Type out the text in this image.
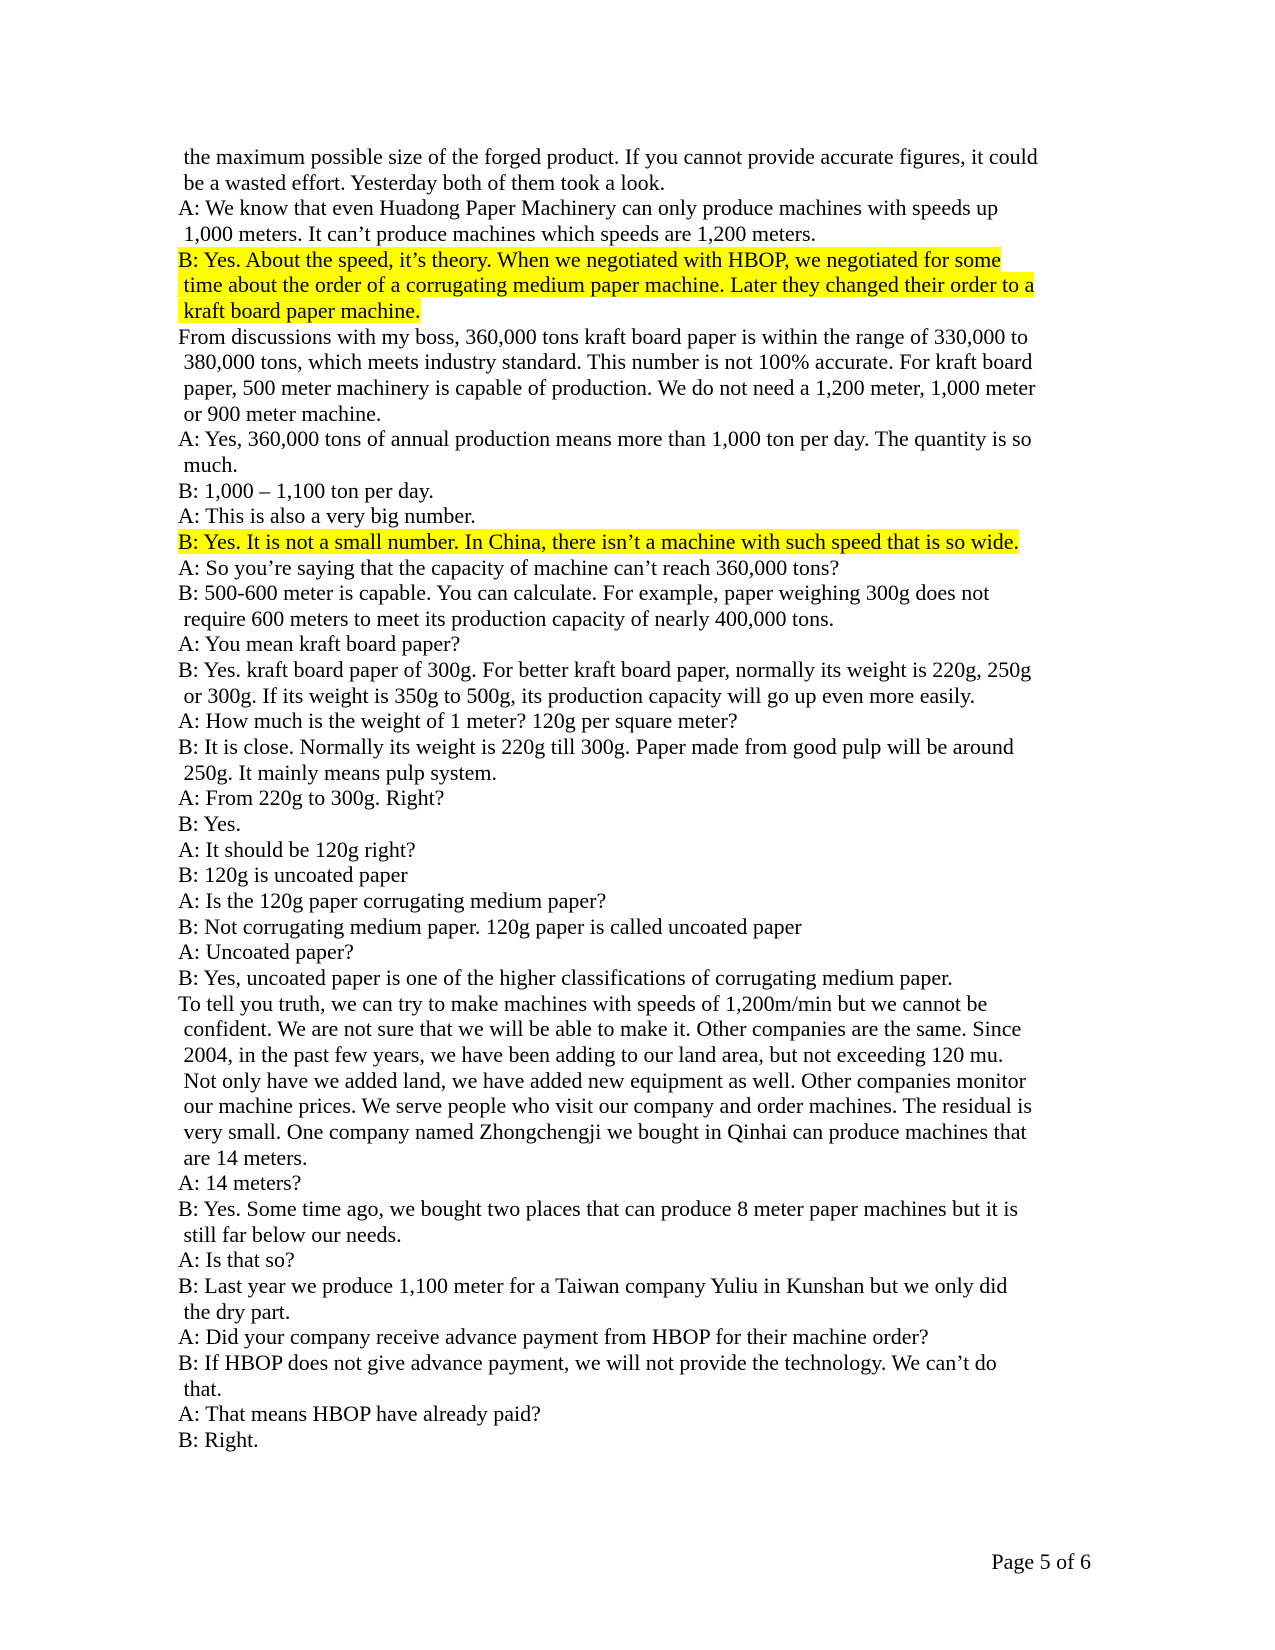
the maximum possible size of the forged product. If you cannot provide accurate figures, it could
be a wasted effort. Yesterday both of them took a look.
A: We know that even Huadong Paper Machinery can only produce machines with speeds up
1,000 meters. It can’t produce machines which speeds are 1,200 meters.
B: Yes. About the speed, it’s theory. When we negotiated with HBOP, we negotiated for some
time about the order of a corrugating medium paper machine. Later they changed their order to a
kraft board paper machine.
From discussions with my boss, 360,000 tons kraft board paper is within the range of 330,000 to
380,000 tons, which meets industry standard. This number is not 100% accurate. For kraft board
paper, 500 meter machinery is capable of production. We do not need a 1,200 meter, 1,000 meter
or 900 meter machine.
A: Yes, 360,000 tons of annual production means more than 1,000 ton per day. The quantity is so
much.
B: 1,000 – 1,100 ton per day.
A: This is also a very big number.
B: Yes. It is not a small number. In China, there isn’t a machine with such speed that is so wide.
A: So you’re saying that the capacity of machine can’t reach 360,000 tons?
B: 500-600 meter is capable. You can calculate. For example, paper weighing 300g does not
require 600 meters to meet its production capacity of nearly 400,000 tons.
A: You mean kraft board paper?
B: Yes. kraft board paper of 300g. For better kraft board paper, normally its weight is 220g, 250g
or 300g. If its weight is 350g to 500g, its production capacity will go up even more easily.
A: How much is the weight of 1 meter? 120g per square meter?
B: It is close. Normally its weight is 220g till 300g. Paper made from good pulp will be around
250g. It mainly means pulp system.
A: From 220g to 300g. Right?
B: Yes.
A: It should be 120g right?
B: 120g is uncoated paper
A: Is the 120g paper corrugating medium paper?
B: Not corrugating medium paper. 120g paper is called uncoated paper
A: Uncoated paper?
B: Yes, uncoated paper is one of the higher classifications of corrugating medium paper.
To tell you truth, we can try to make machines with speeds of 1,200m/min but we cannot be
confident. We are not sure that we will be able to make it. Other companies are the same. Since
2004, in the past few years, we have been adding to our land area, but not exceeding 120 mu.
Not only have we added land, we have added new equipment as well. Other companies monitor
our machine prices. We serve people who visit our company and order machines. The residual is
very small. One company named Zhongchengji we bought in Qinhai can produce machines that
are 14 meters.
A: 14 meters?
B: Yes. Some time ago, we bought two places that can produce 8 meter paper machines but it is
still far below our needs.
A: Is that so?
B: Last year we produce 1,100 meter for a Taiwan company Yuliu in Kunshan but we only did
the dry part.
A: Did your company receive advance payment from HBOP for their machine order?
B: If HBOP does not give advance payment, we will not provide the technology. We can’t do
that.
A: That means HBOP have already paid?
B: Right.
Page 5 of 6
